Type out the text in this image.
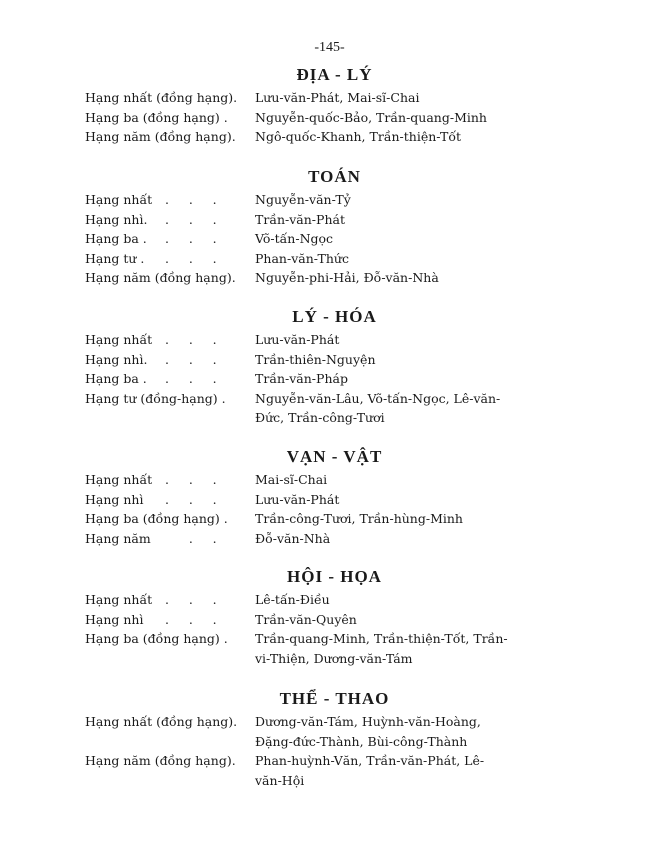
-145-
ĐỊA - LÝ
Hạng nhất (đồng hạng). Lưu-văn-Phát, Mai-sĩ-Chai
Hạng ba (đồng hạng) . Nguyễn-quốc-Bảo, Trần-quang-Minh
Hạng năm (đồng hạng). Ngô-quốc-Khanh, Trần-thiện-Tốt
TOÁN
Hạng nhất .     .     .	Nguyễn-văn-Tỷ
Hạng nhì. .     .     .	Trần-văn-Phát
Hạng ba . .     .     .	Võ-tấn-Ngọc
Hạng tư . .     .     .	Phan-văn-Thức
Hạng năm (đồng hạng). Nguyễn-phi-Hải, Đỗ-văn-Nhà
LÝ - HÓA
Hạng nhất .     .     .	Lưu-văn-Phát
Hạng nhì. .     .     .	Trần-thiên-Nguyện
Hạng ba . .     .     .	Trần-văn-Pháp
Hạng tư (đồng-hạng) . Nguyễn-văn-Lâu, Võ-tấn-Ngọc, Lê-văn-
Đức, Trần-công-Tươi
VẠN - VẬT
Hạng nhất .     .     .	Mai-sĩ-Chai
Hạng nhì .     .     .	Lưu-văn-Phát
Hạng ba (đồng hạng) . Trần-công-Tươi, Trần-hùng-Minh
Hạng năm .     .	Đỗ-văn-Nhà
HỘI - HỌA
Hạng nhất .     .     .	Lê-tấn-Điều
Hạng nhì .     .     .	Trần-văn-Quyên
Hạng ba (đồng hạng) . Trần-quang-Minh, Trần-thiện-Tốt, Trần-
vi-Thiện, Dương-văn-Tám
THỂ - THAO
Hạng nhất (đồng hạng). Dương-văn-Tám, Huỳnh-văn-Hoàng,
Đặng-đức-Thành, Bùi-công-Thành
Hạng năm (đồng hạng). Phan-huỳnh-Văn, Trần-văn-Phát, Lê-
văn-Hội
